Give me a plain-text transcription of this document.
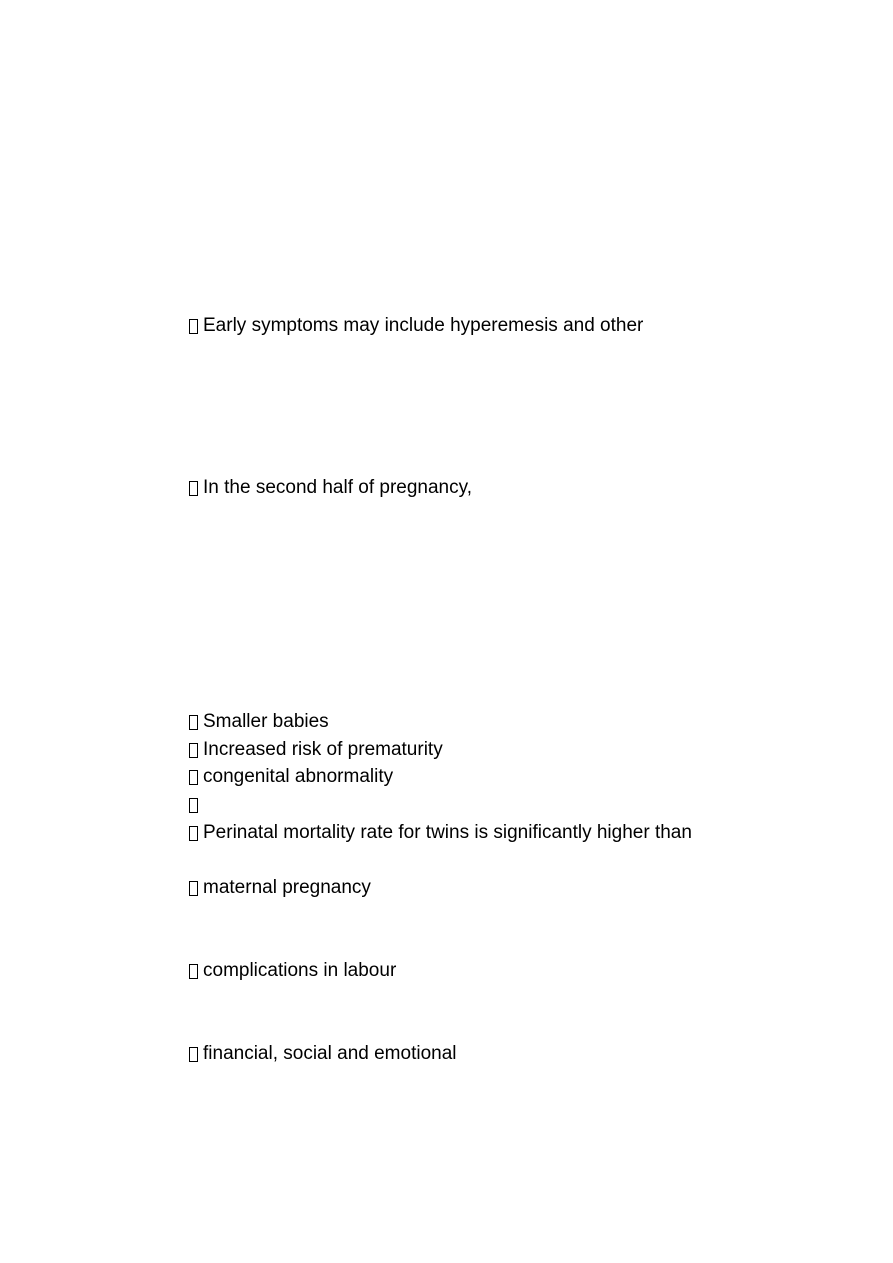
Early symptoms may include hyperemesis and other
In the second half of pregnancy,
Smaller babies
Increased risk of prematurity
congenital abnormality
Perinatal mortality rate for twins is significantly higher than
maternal pregnancy
complications in labour
financial, social and emotional
